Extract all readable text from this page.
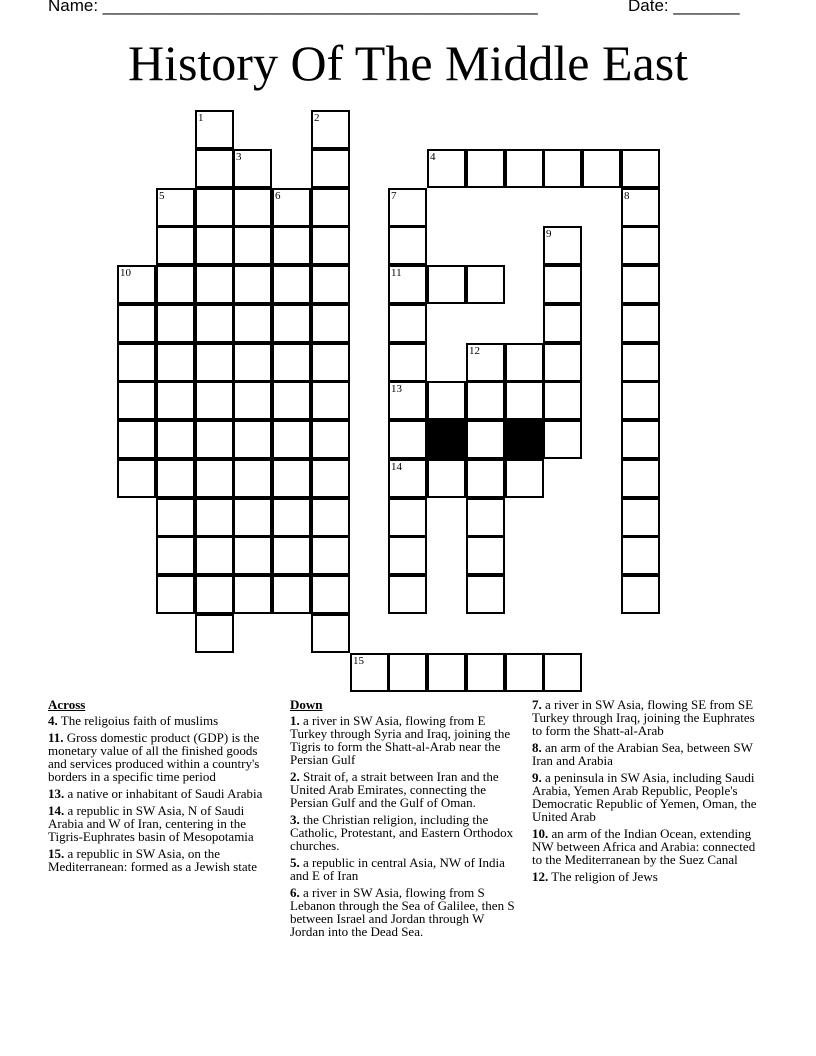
Name: ______________________________________________	Date: _______
History Of The Middle East
1	2
3	4
5	6	7	8
9
10	11
12
13
14
15
Across
4. The religoius faith of muslims
11. Gross domestic product (GDP) is the monetary value of all the finished goods and services produced within a country's borders in a specific time period
13. a native or inhabitant of Saudi Arabia
14. a republic in SW Asia, N of Saudi Arabia and W of Iran, centering in the Tigris-Euphrates basin of Mesopotamia
15. a republic in SW Asia, on the Mediterranean: formed as a Jewish state
Down
1. a river in SW Asia, flowing from E Turkey through Syria and Iraq, joining the Tigris to form the Shatt-al-Arab near the Persian Gulf
2. Strait of, a strait between Iran and the United Arab Emirates, connecting the Persian Gulf and the Gulf of Oman.
3. the Christian religion, including the Catholic, Protestant, and Eastern Orthodox churches.
5. a republic in central Asia, NW of India and E of Iran
6. a river in SW Asia, flowing from S Lebanon through the Sea of Galilee, then S between Israel and Jordan through W Jordan into the Dead Sea.
7. a river in SW Asia, flowing SE from SE Turkey through Iraq, joining the Euphrates to form the Shatt-al-Arab
8. an arm of the Arabian Sea, between SW Iran and Arabia
9. a peninsula in SW Asia, including Saudi Arabia, Yemen Arab Republic, People's Democratic Republic of Yemen, Oman, the United Arab
10. an arm of the Indian Ocean, extending NW between Africa and Arabia: connected to the Mediterranean by the Suez Canal
12. The religion of Jews
